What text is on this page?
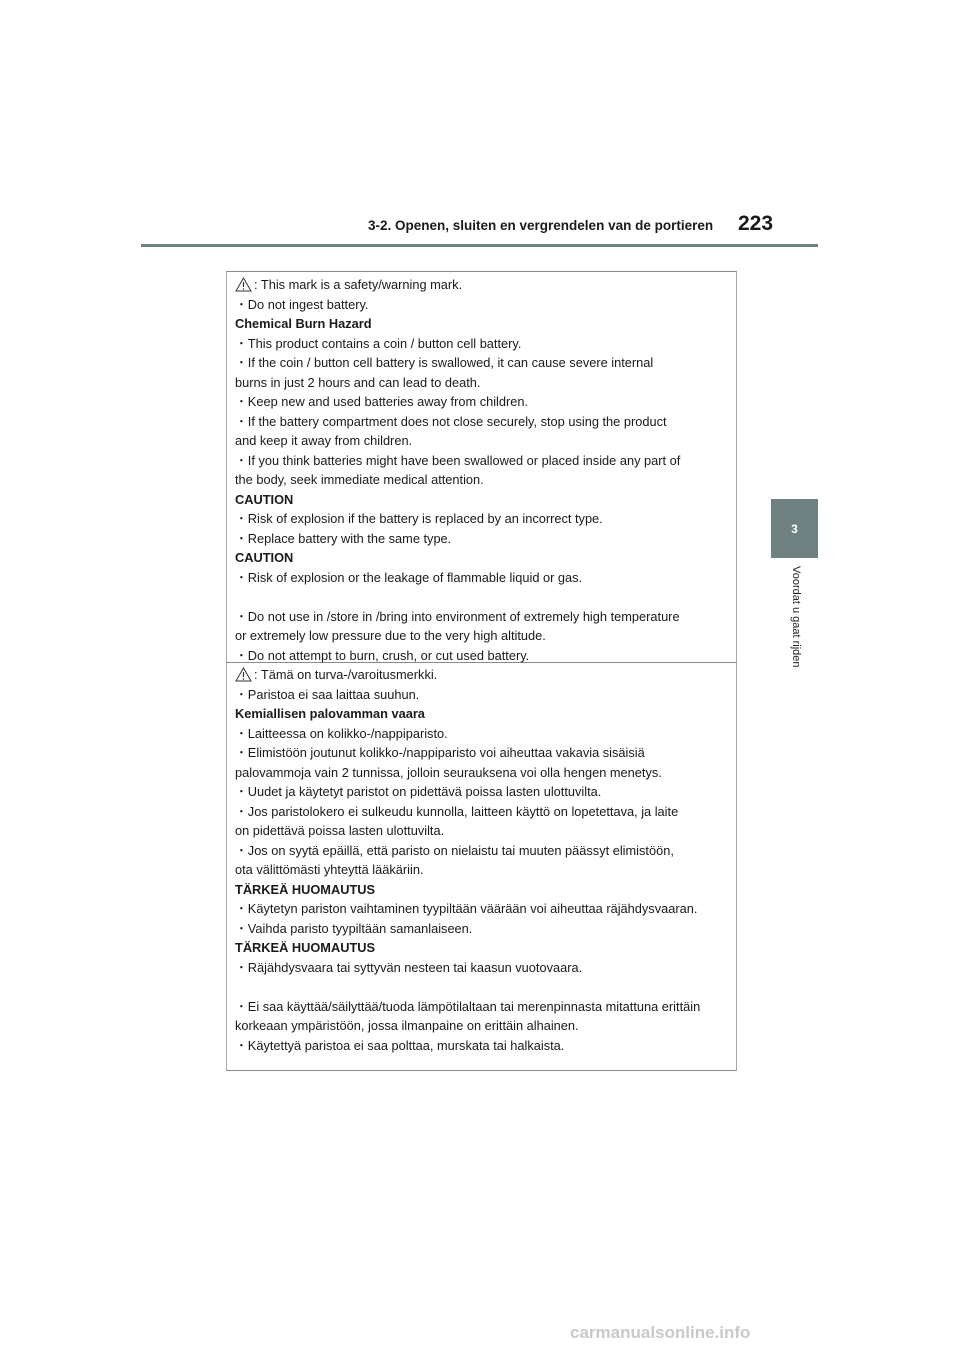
3-2. Openen, sluiten en vergrendelen van de portieren 223
3
Voordat u gaat rijden
: This mark is a safety/warning mark.
・Do not ingest battery.
Chemical Burn Hazard
・This product contains a coin / button cell battery.
・If the coin / button cell battery is swallowed, it can cause severe internal
burns in just 2 hours and can lead to death.
・Keep new and used batteries away from children.
・If the battery compartment does not close securely, stop using the product
and keep it away from children.
・If you think batteries might have been swallowed or placed inside any part of
the body, seek immediate medical attention.
CAUTION
・Risk of explosion if the battery is replaced by an incorrect type.
・Replace battery with the same type.
CAUTION
・Risk of explosion or the leakage of flammable liquid or gas.
・Do not use in /store in /bring into environment of extremely high temperature
or extremely low pressure due to the very high altitude.
・Do not attempt to burn, crush, or cut used battery.
: Tämä on turva-/varoitusmerkki.
・Paristoa ei saa laittaa suuhun.
Kemiallisen palovamman vaara
・Laitteessa on kolikko-/nappiparisto.
・Elimistöön joutunut kolikko-/nappiparisto voi aiheuttaa vakavia sisäisiä
palovammoja vain 2 tunnissa, jolloin seurauksena voi olla hengen menetys.
・Uudet ja käytetyt paristot on pidettävä poissa lasten ulottuvilta.
・Jos paristolokero ei sulkeudu kunnolla, laitteen käyttö on lopetettava, ja laite
on pidettävä poissa lasten ulottuvilta.
・Jos on syytä epäillä, että paristo on nielaistu tai muuten päässyt elimistöön,
ota välittömästi yhteyttä lääkäriin.
TÄRKEÄ HUOMAUTUS
・Käytetyn pariston vaihtaminen tyypiltään väärään voi aiheuttaa räjähdysvaaran.
・Vaihda paristo tyypiltään samanlaiseen.
TÄRKEÄ HUOMAUTUS
・Räjähdysvaara tai syttyvän nesteen tai kaasun vuotovaara.
・Ei saa käyttää/säilyttää/tuoda lämpötilaltaan tai merenpinnasta mitattuna erittäin
korkeaan ympäristöön, jossa ilmanpaine on erittäin alhainen.
・Käytettyä paristoa ei saa polttaa, murskata tai halkaista.
carmanualsonline.info
